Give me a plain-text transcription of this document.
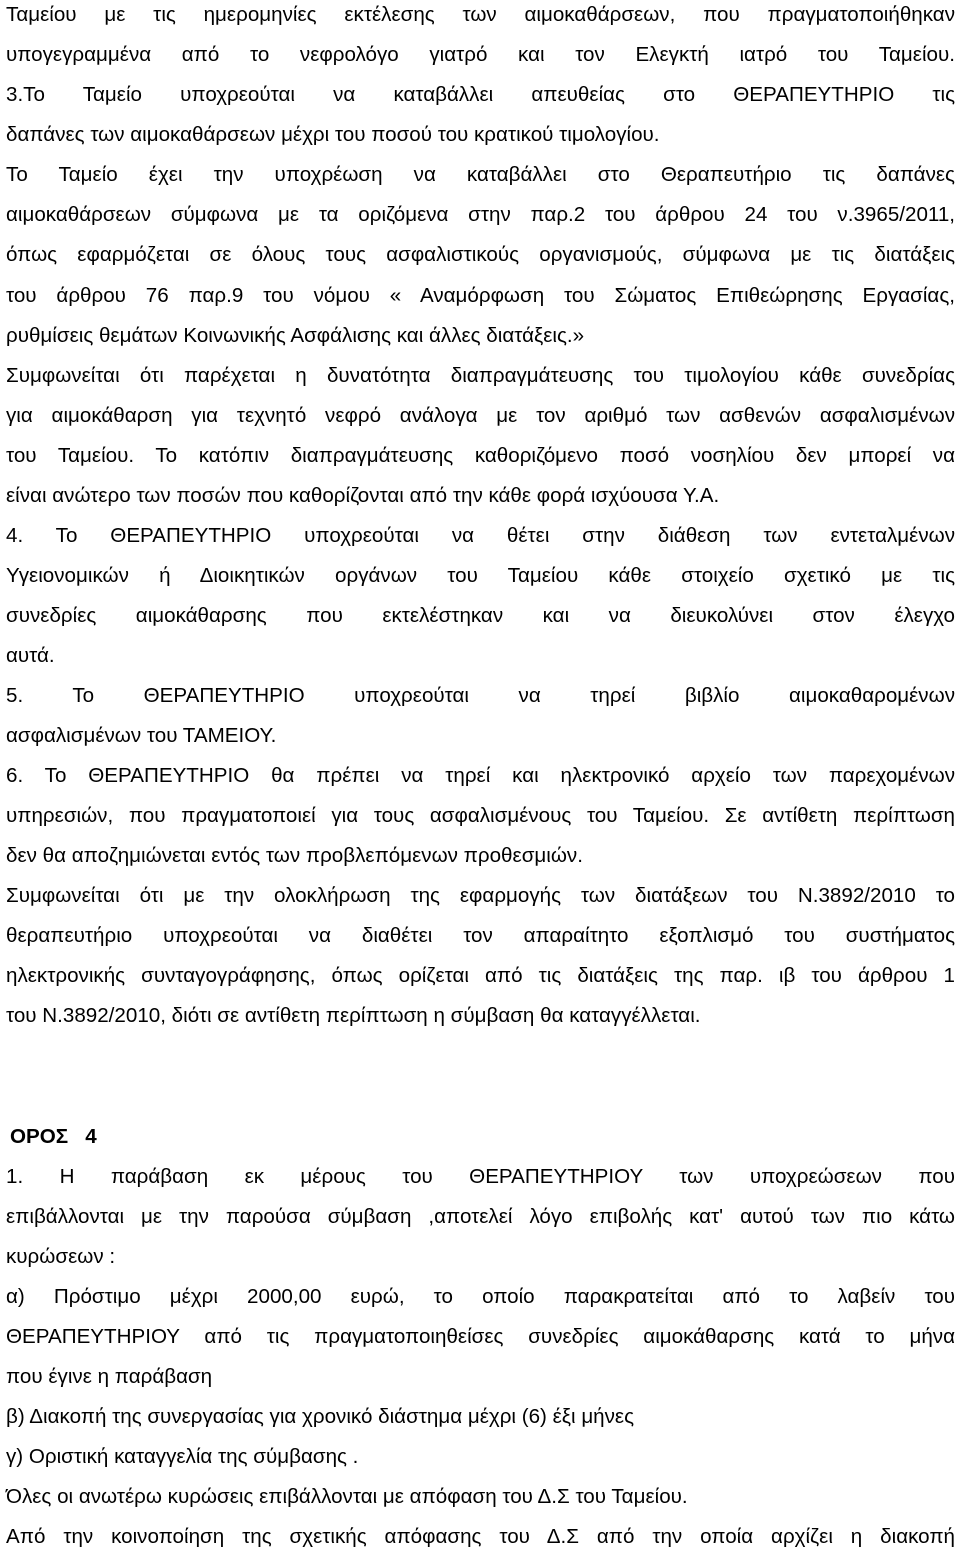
Ταμείου με τις ημερομηνίες εκτέλεσης των αιμοκαθάρσεων, που πραγματοποιήθηκαν
υπογεγραμμένα από το νεφρολόγο γιατρό και τον Ελεγκτή ιατρό του Ταμείου.
3.Το Ταμείο υποχρεούται να καταβάλλει απευθείας στο ΘΕΡΑΠΕΥΤΗΡΙΟ τις
δαπάνες των αιμοκαθάρσεων μέχρι του ποσού του κρατικού τιμολογίου.
Το Ταμείο έχει την υποχρέωση να καταβάλλει στο Θεραπευτήριο τις δαπάνες
αιμοκαθάρσεων σύμφωνα με τα οριζόμενα στην παρ.2 του άρθρου 24 του ν.3965/2011,
όπως εφαρμόζεται σε όλους τους ασφαλιστικούς οργανισμούς, σύμφωνα με τις διατάξεις
του άρθρου 76 παρ.9 του νόμου « Αναμόρφωση του Σώματος Επιθεώρησης Εργασίας,
ρυθμίσεις θεμάτων Κοινωνικής Ασφάλισης και άλλες διατάξεις.»
Συμφωνείται ότι παρέχεται η δυνατότητα διαπραγμάτευσης του τιμολογίου κάθε συνεδρίας
για αιμοκάθαρση για τεχνητό νεφρό ανάλογα με τον αριθμό των ασθενών ασφαλισμένων
του Ταμείου. Το κατόπιν διαπραγμάτευσης καθοριζόμενο ποσό νοσηλίου δεν μπορεί να
είναι ανώτερο των ποσών που καθορίζονται από την κάθε φορά ισχύουσα Υ.Α.
4. Το ΘΕΡΑΠΕΥΤΗΡΙΟ υποχρεούται να θέτει στην διάθεση των εντεταλμένων
Υγειονομικών ή Διοικητικών οργάνων του Ταμείου κάθε στοιχείο σχετικό με τις
συνεδρίες αιμοκάθαρσης που εκτελέστηκαν και να διευκολύνει στον έλεγχο
αυτά.
5. Το ΘΕΡΑΠΕΥΤΗΡΙΟ υποχρεούται να τηρεί βιβλίο αιμοκαθαρομένων
ασφαλισμένων του ΤΑΜΕΙΟΥ.
6. Το ΘΕΡΑΠΕΥΤΗΡΙΟ θα πρέπει να τηρεί και ηλεκτρονικό αρχείο των παρεχομένων
υπηρεσιών, που πραγματοποιεί για τους ασφαλισμένους του Ταμείου. Σε αντίθετη περίπτωση
δεν θα αποζημιώνεται εντός των προβλεπόμενων προθεσμιών.
Συμφωνείται ότι με την ολοκλήρωση της εφαρμογής των διατάξεων του Ν.3892/2010 το
θεραπευτήριο υποχρεούται να διαθέτει τον απαραίτητο εξοπλισμό του συστήματος
ηλεκτρονικής συνταγογράφησης, όπως ορίζεται από τις διατάξεις της παρ. ιβ του άρθρου 1
του Ν.3892/2010, διότι σε αντίθετη περίπτωση η σύμβαση θα καταγγέλλεται.
ΟΡΟΣ   4
1. Η παράβαση εκ μέρους του ΘΕΡΑΠΕΥΤΗΡΙΟΥ των υποχρεώσεων που
επιβάλλονται με την παρούσα σύμβαση ,αποτελεί λόγο επιβολής κατ' αυτού των πιο κάτω
κυρώσεων :
α) Πρόστιμο μέχρι 2000,00 ευρώ, το οποίο παρακρατείται από το λαβείν του
ΘΕΡΑΠΕΥΤΗΡΙΟΥ από τις πραγματοποιηθείσες συνεδρίες αιμοκάθαρσης κατά το μήνα
που έγινε η παράβαση
β) Διακοπή της συνεργασίας για χρονικό διάστημα μέχρι (6) έξι μήνες
γ) Οριστική καταγγελία της σύμβασης .
Όλες οι ανωτέρω κυρώσεις επιβάλλονται με απόφαση του Δ.Σ του Ταμείου.
Από την κοινοποίηση της σχετικής απόφασης του Δ.Σ από την οποία αρχίζει η διακοπή
